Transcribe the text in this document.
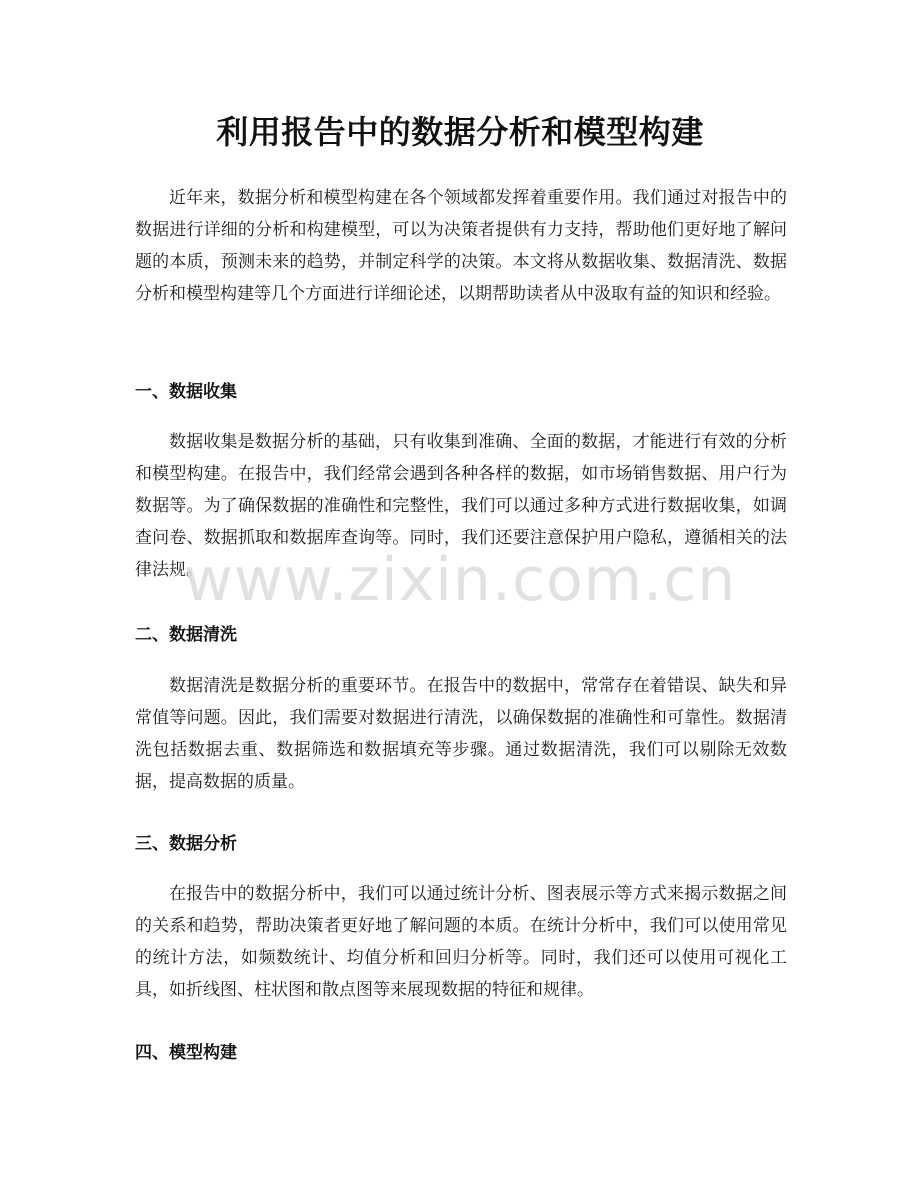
利用报告中的数据分析和模型构建
近年来，数据分析和模型构建在各个领域都发挥着重要作用。我们通过对报告中的数据进行详细的分析和构建模型，可以为决策者提供有力支持，帮助他们更好地了解问题的本质，预测未来的趋势，并制定科学的决策。本文将从数据收集、数据清洗、数据分析和模型构建等几个方面进行详细论述，以期帮助读者从中汲取有益的知识和经验。
一、数据收集
数据收集是数据分析的基础，只有收集到准确、全面的数据，才能进行有效的分析和模型构建。在报告中，我们经常会遇到各种各样的数据，如市场销售数据、用户行为数据等。为了确保数据的准确性和完整性，我们可以通过多种方式进行数据收集，如调查问卷、数据抓取和数据库查询等。同时，我们还要注意保护用户隐私，遵循相关的法律法规。
二、数据清洗
数据清洗是数据分析的重要环节。在报告中的数据中，常常存在着错误、缺失和异常值等问题。因此，我们需要对数据进行清洗，以确保数据的准确性和可靠性。数据清洗包括数据去重、数据筛选和数据填充等步骤。通过数据清洗，我们可以剔除无效数据，提高数据的质量。
三、数据分析
在报告中的数据分析中，我们可以通过统计分析、图表展示等方式来揭示数据之间的关系和趋势，帮助决策者更好地了解问题的本质。在统计分析中，我们可以使用常见的统计方法，如频数统计、均值分析和回归分析等。同时，我们还可以使用可视化工具，如折线图、柱状图和散点图等来展现数据的特征和规律。
四、模型构建
www.zixin.com.cn
